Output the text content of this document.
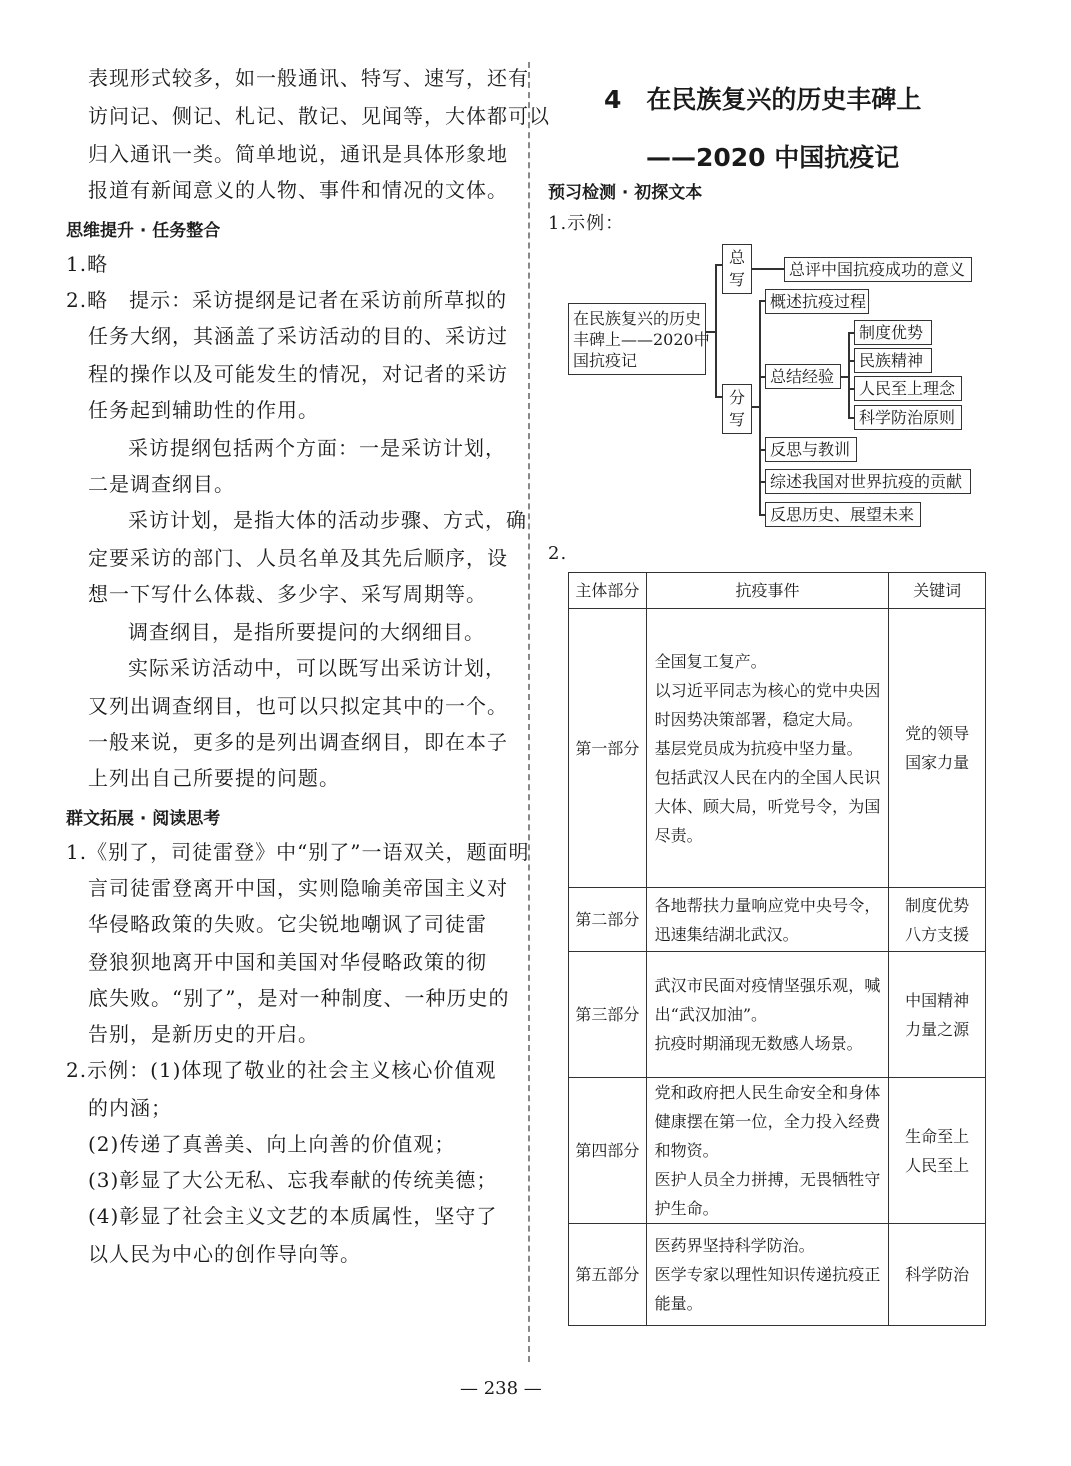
表现形式较多，如一般通讯、特写、速写，还有
访问记、侧记、札记、散记、见闻等，大体都可以
归入通讯一类。简单地说，通讯是具体形象地
报道有新闻意义的人物、事件和情况的文体。
思维提升 · 任务整合
1.略
2.略　提示：采访提纲是记者在采访前所草拟的
任务大纲，其涵盖了采访活动的目的、采访过
程的操作以及可能发生的情况，对记者的采访
任务起到辅助性的作用。
采访提纲包括两个方面：一是采访计划，
二是调查纲目。
采访计划，是指大体的活动步骤、方式，确
定要采访的部门、人员名单及其先后顺序，设
想一下写什么体裁、多少字、采写周期等。
调查纲目，是指所要提问的大纲细目。
实际采访活动中，可以既写出采访计划，
又列出调查纲目，也可以只拟定其中的一个。
一般来说，更多的是列出调查纲目，即在本子
上列出自己所要提的问题。
群文拓展 · 阅读思考
1.《别了，司徒雷登》中“别了”一语双关，题面明
言司徒雷登离开中国，实则隐喻美帝国主义对
华侵略政策的失败。它尖锐地嘲讽了司徒雷
登狼狈地离开中国和美国对华侵略政策的彻
底失败。“别了”，是对一种制度、一种历史的
告别，是新历史的开启。
2.示例：(1)体现了敬业的社会主义核心价值观
的内涵；
(2)传递了真善美、向上向善的价值观；
(3)彰显了大公无私、忘我奉献的传统美德；
(4)彰显了社会主义文艺的本质属性，坚守了
以人民为中心的创作导向等。
4　在民族复兴的历史丰碑上
——2020 中国抗疫记
预习检测 · 初探文本
1.示例：
在民族复兴的历史
丰碑上——2020中
国抗疫记
总
写
分
写
总评中国抗疫成功的意义
概述抗疫过程
总结经验
反思与教训
综述我国对世界抗疫的贡献
反思历史、展望未来
制度优势
民族精神
人民至上理念
科学防治原则
2.
主体部分	抗疫事件	关键词
第一部分	全国复工复产。
以习近平同志为核心的党中央因时因势决策部署，稳定大局。
基层党员成为抗疫中坚力量。
包括武汉人民在内的全国人民识大体、顾大局，听党号令，为国尽责。	党的领导
国家力量

第二部分	各地帮扶力量响应党中央号令，迅速集结湖北武汉。	制度优势
八方支援

第三部分	武汉市民面对疫情坚强乐观，喊出“武汉加油”。
抗疫时期涌现无数感人场景。	中国精神
力量之源

第四部分	党和政府把人民生命安全和身体健康摆在第一位，全力投入经费和物资。
医护人员全力拼搏，无畏牺牲守护生命。	生命至上
人民至上

第五部分	医药界坚持科学防治。
医学专家以理性知识传递抗疫正能量。	科学防治
— 238 —
